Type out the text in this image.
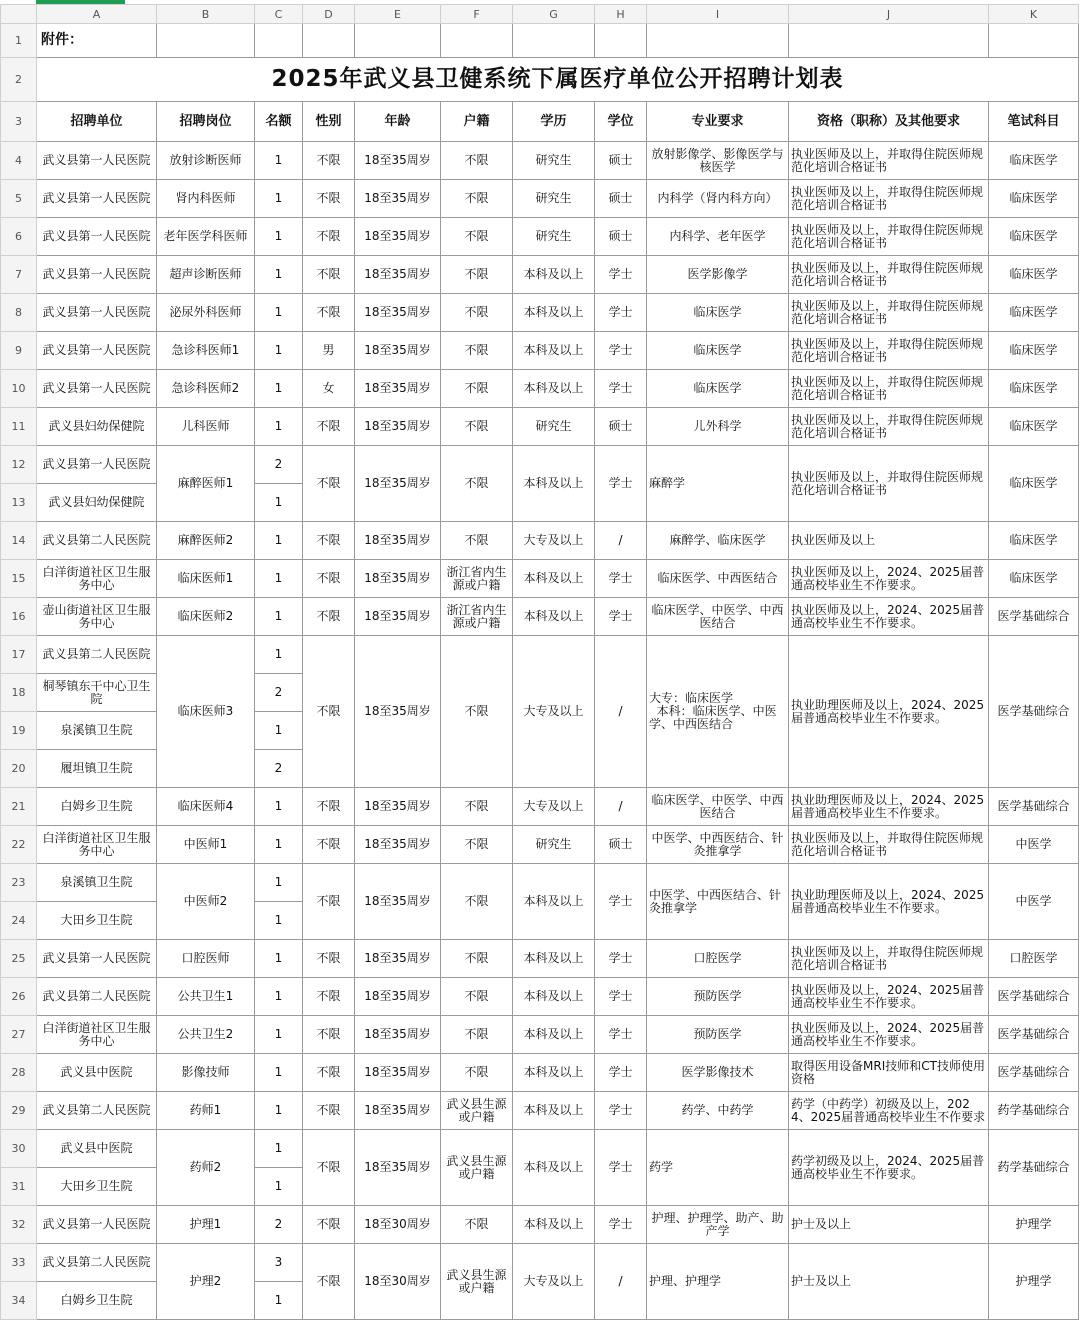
	A	B	C	D	E	F	G	H	I	J	K
1	附件：										
2	2025年武义县卫健系统下属医疗单位公开招聘计划表										
3	招聘单位	招聘岗位	名额	性别	年龄	户籍	学历	学位	专业要求	资格（职称）及其他要求	笔试科目
4	武义县第一人民医院	放射诊断医师	1	不限	18至35周岁	不限	研究生	硕士	放射影像学、影像医学与核医学	执业医师及以上，并取得住院医师规范化培训合格证书	临床医学
5	武义县第一人民医院	肾内科医师	1	不限	18至35周岁	不限	研究生	硕士	内科学（肾内科方向）	执业医师及以上，并取得住院医师规范化培训合格证书	临床医学
6	武义县第一人民医院	老年医学科医师	1	不限	18至35周岁	不限	研究生	硕士	内科学、老年医学	执业医师及以上，并取得住院医师规范化培训合格证书	临床医学
7	武义县第一人民医院	超声诊断医师	1	不限	18至35周岁	不限	本科及以上	学士	医学影像学	执业医师及以上，并取得住院医师规范化培训合格证书	临床医学
8	武义县第一人民医院	泌尿外科医师	1	不限	18至35周岁	不限	本科及以上	学士	临床医学	执业医师及以上，并取得住院医师规范化培训合格证书	临床医学
9	武义县第一人民医院	急诊科医师1	1	男	18至35周岁	不限	本科及以上	学士	临床医学	执业医师及以上，并取得住院医师规范化培训合格证书	临床医学
10	武义县第一人民医院	急诊科医师2	1	女	18至35周岁	不限	本科及以上	学士	临床医学	执业医师及以上，并取得住院医师规范化培训合格证书	临床医学
11	武义县妇幼保健院	儿科医师	1	不限	18至35周岁	不限	研究生	硕士	儿外科学	执业医师及以上，并取得住院医师规范化培训合格证书	临床医学
12	武义县第一人民医院	麻醉医师1	2	不限	18至35周岁	不限	本科及以上	学士	麻醉学	执业医师及以上，并取得住院医师规范化培训合格证书	临床医学
13	武义县妇幼保健院		1								
14	武义县第二人民医院	麻醉医师2	1	不限	18至35周岁	不限	大专及以上	/	麻醉学、临床医学	执业医师及以上	临床医学
15	白洋街道社区卫生服务中心	临床医师1	1	不限	18至35周岁	浙江省内生源或户籍	本科及以上	学士	临床医学、中西医结合	执业医师及以上，2024、2025届普通高校毕业生不作要求。	临床医学
16	壶山街道社区卫生服务中心	临床医师2	1	不限	18至35周岁	浙江省内生源或户籍	本科及以上	学士	临床医学、中医学、中西医结合	执业医师及以上，2024、2025届普通高校毕业生不作要求。	医学基础综合
17	武义县第二人民医院	临床医师3	1	不限	18至35周岁	不限	大专及以上	/	大专：临床医学
本科：临床医学、中医学、中西医结合	执业助理医师及以上，2024、2025届普通高校毕业生不作要求。	医学基础综合
18	桐琴镇东干中心卫生院		2								
19	泉溪镇卫生院		1								
20	履坦镇卫生院		2								
21	白姆乡卫生院	临床医师4	1	不限	18至35周岁	不限	大专及以上	/	临床医学、中医学、中西医结合	执业助理医师及以上，2024、2025届普通高校毕业生不作要求。	医学基础综合
22	白洋街道社区卫生服务中心	中医师1	1	不限	18至35周岁	不限	研究生	硕士	中医学、中西医结合、针灸推拿学	执业医师及以上，并取得住院医师规范化培训合格证书	中医学
23	泉溪镇卫生院	中医师2	1	不限	18至35周岁	不限	本科及以上	学士	中医学、中西医结合、针灸推拿学	执业助理医师及以上，2024、2025届普通高校毕业生不作要求。	中医学
24	大田乡卫生院		1								
25	武义县第一人民医院	口腔医师	1	不限	18至35周岁	不限	本科及以上	学士	口腔医学	执业医师及以上，并取得住院医师规范化培训合格证书	口腔医学
26	武义县第二人民医院	公共卫生1	1	不限	18至35周岁	不限	本科及以上	学士	预防医学	执业医师及以上，2024、2025届普通高校毕业生不作要求。	医学基础综合
27	白洋街道社区卫生服务中心	公共卫生2	1	不限	18至35周岁	不限	本科及以上	学士	预防医学	执业医师及以上，2024、2025届普通高校毕业生不作要求。	医学基础综合
28	武义县中医院	影像技师	1	不限	18至35周岁	不限	本科及以上	学士	医学影像技术	取得医用设备MRI技师和CT技师使用资格	医学基础综合
29	武义县第二人民医院	药师1	1	不限	18至35周岁	武义县生源或户籍	本科及以上	学士	药学、中药学	药学（中药学）初级及以上，2024、2025届普通高校毕业生不作要求	药学基础综合
30	武义县中医院	药师2	1	不限	18至35周岁	武义县生源或户籍	本科及以上	学士	药学	药学初级及以上，2024、2025届普通高校毕业生不作要求。	药学基础综合
31	大田乡卫生院		1								
32	武义县第一人民医院	护理1	2	不限	18至30周岁	不限	本科及以上	学士	护理、护理学、助产、助产学	护士及以上	护理学
33	武义县第二人民医院	护理2	3	不限	18至30周岁	武义县生源或户籍	大专及以上	/	护理、护理学	护士及以上	护理学
34	白姆乡卫生院		1								
